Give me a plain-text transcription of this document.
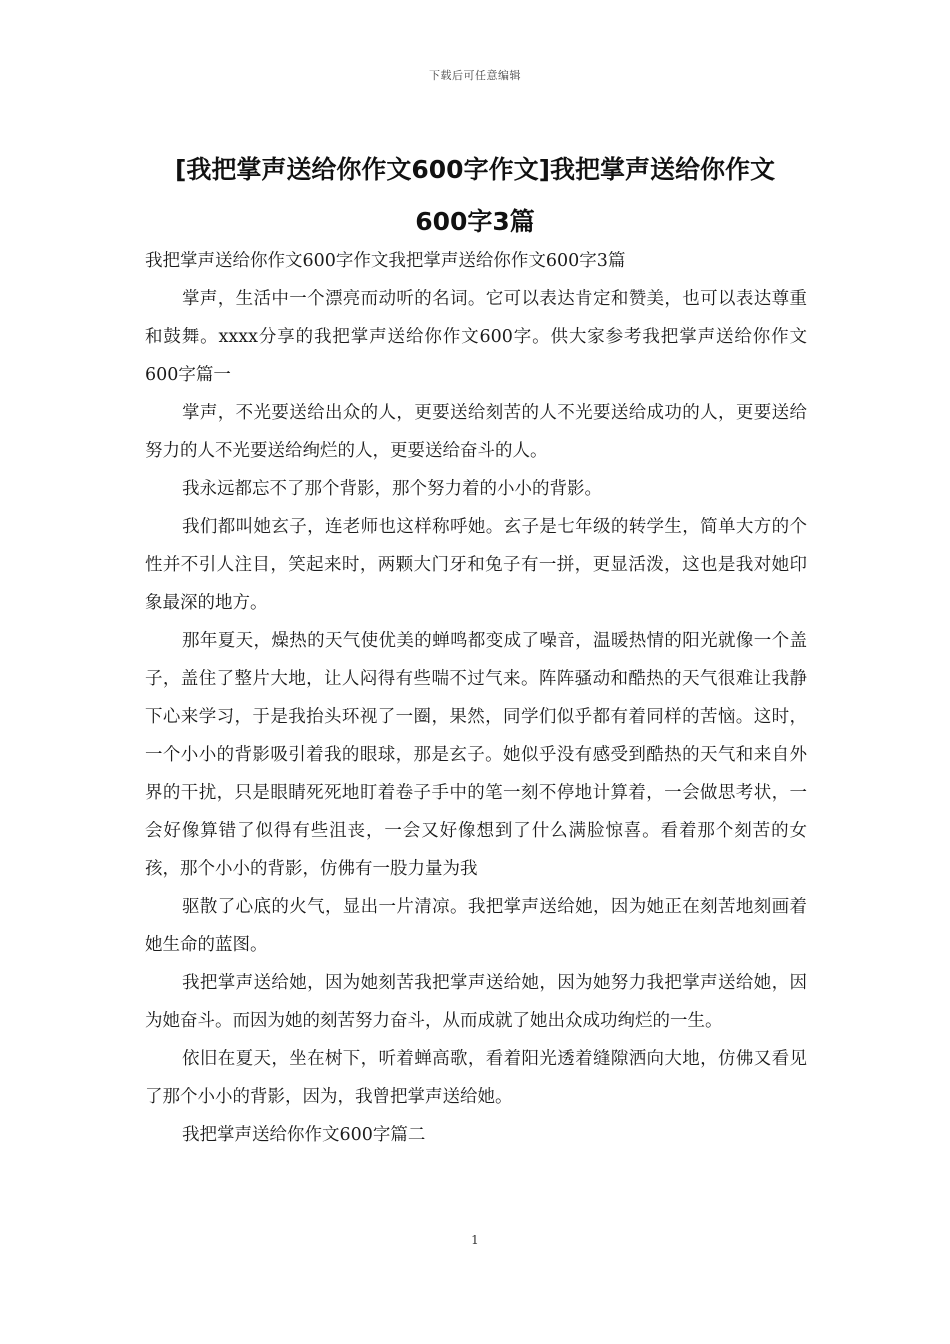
下载后可任意编辑
[我把掌声送给你作文600字作文]我把掌声送给你作文
600字3篇

我把掌声送给你作文600字作文我把掌声送给你作文600字3篇

掌声，生活中一个漂亮而动听的名词。它可以表达肯定和赞美，也可以表达尊重和鼓舞。xxxx分享的我把掌声送给你作文600字。供大家参考我把掌声送给你作文600字篇一

掌声，不光要送给出众的人，更要送给刻苦的人不光要送给成功的人，更要送给努力的人不光要送给绚烂的人，更要送给奋斗的人。

我永远都忘不了那个背影，那个努力着的小小的背影。

我们都叫她玄子，连老师也这样称呼她。玄子是七年级的转学生，简单大方的个性并不引人注目，笑起来时，两颗大门牙和兔子有一拼，更显活泼，这也是我对她印象最深的地方。

那年夏天，燥热的天气使优美的蝉鸣都变成了噪音，温暖热情的阳光就像一个盖子，盖住了整片大地，让人闷得有些喘不过气来。阵阵骚动和酷热的天气很难让我静下心来学习，于是我抬头环视了一圈，果然，同学们似乎都有着同样的苦恼。这时，一个小小的背影吸引着我的眼球，那是玄子。她似乎没有感受到酷热的天气和来自外界的干扰，只是眼睛死死地盯着卷子手中的笔一刻不停地计算着，一会做思考状，一会好像算错了似得有些沮丧，一会又好像想到了什么满脸惊喜。看着那个刻苦的女孩，那个小小的背影，仿佛有一股力量为我

驱散了心底的火气，显出一片清凉。我把掌声送给她，因为她正在刻苦地刻画着她生命的蓝图。

我把掌声送给她，因为她刻苦我把掌声送给她，因为她努力我把掌声送给她，因为她奋斗。而因为她的刻苦努力奋斗，从而成就了她出众成功绚烂的一生。

依旧在夏天，坐在树下，听着蝉高歌，看着阳光透着缝隙洒向大地，仿佛又看见了那个小小的背影，因为，我曾把掌声送给她。

我把掌声送给你作文600字篇二

1
